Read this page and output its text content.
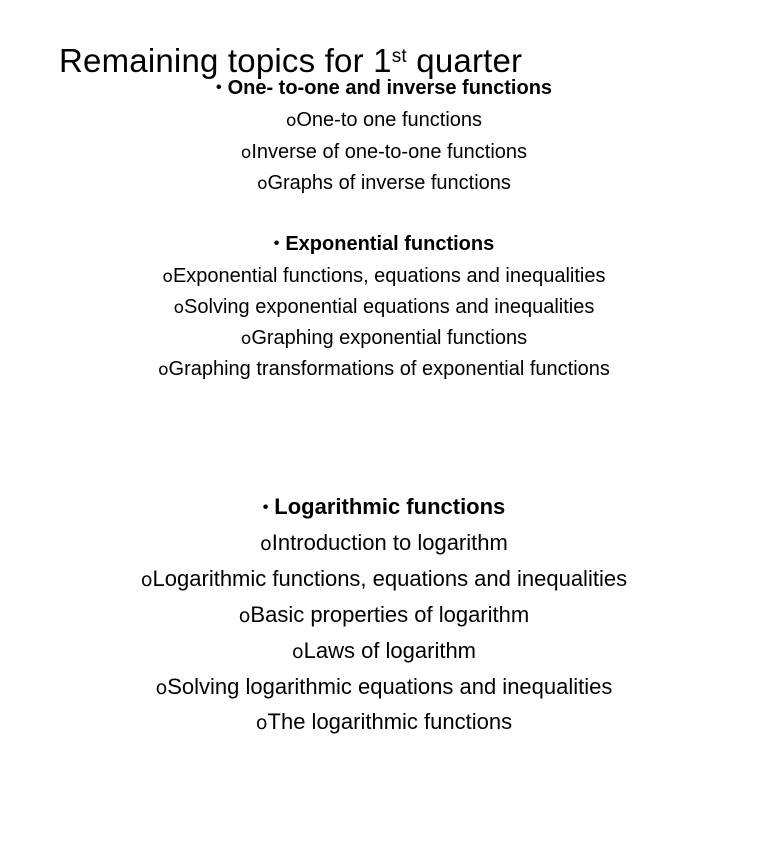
Remaining topics for 1st quarter
• One- to-one and inverse functions
oOne-to one functions
oInverse of one-to-one functions
oGraphs of inverse functions
• Exponential functions
oExponential functions, equations and inequalities
oSolving exponential equations and inequalities
oGraphing exponential functions
oGraphing transformations of exponential functions
• Logarithmic functions
oIntroduction to logarithm
oLogarithmic functions, equations and inequalities
oBasic properties of logarithm
oLaws of logarithm
oSolving logarithmic equations and inequalities
oThe logarithmic functions
